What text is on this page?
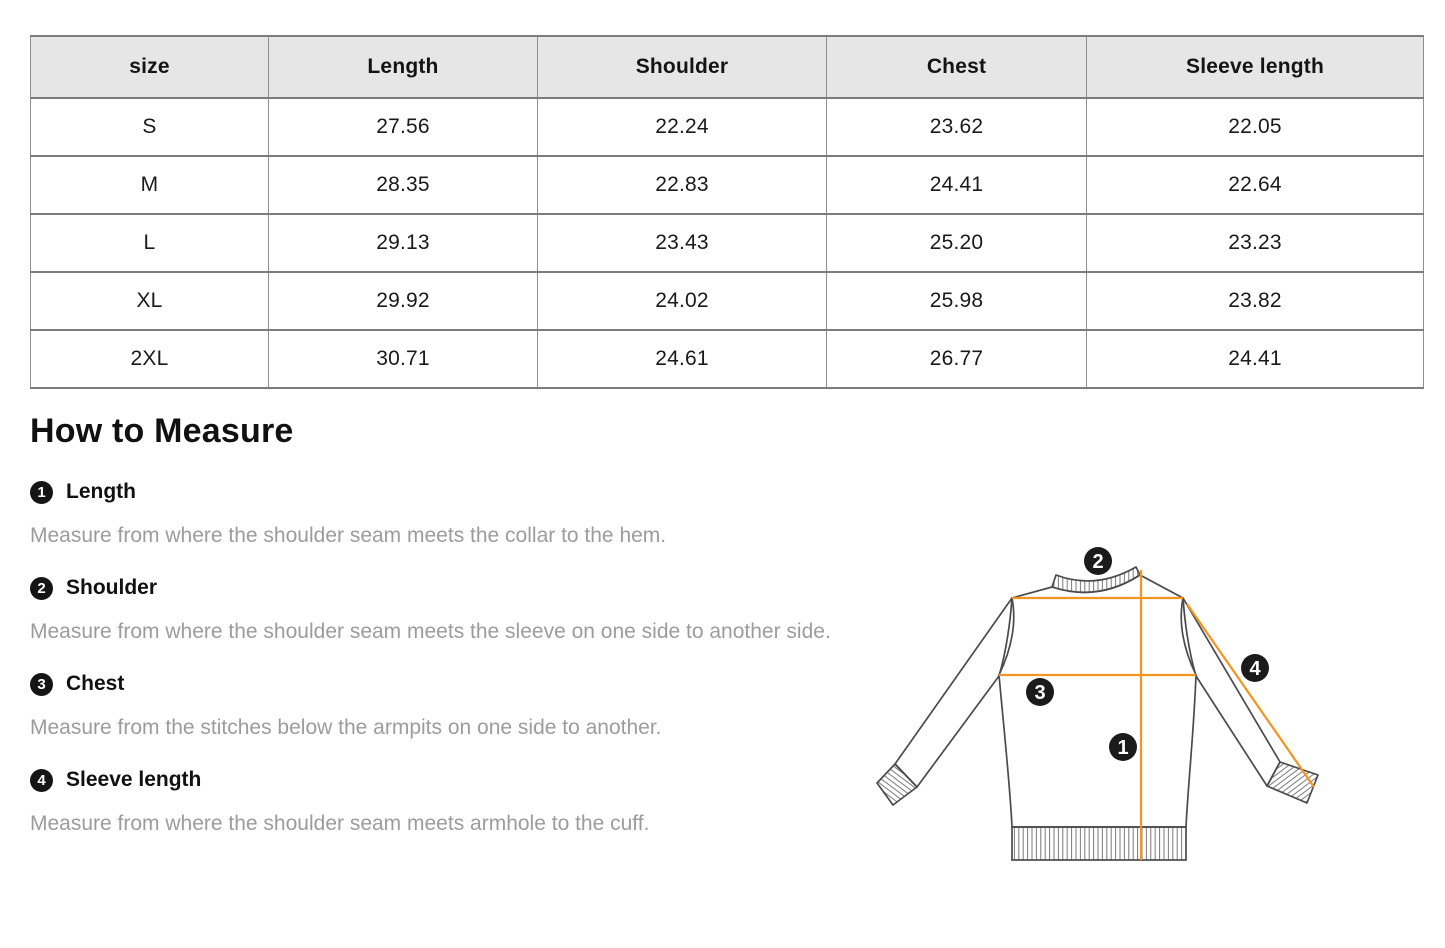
size	Length	Shoulder	Chest	Sleeve length
S	27.56	22.24	23.62	22.05
M	28.35	22.83	24.41	22.64
L	29.13	23.43	25.20	23.23
XL	29.92	24.02	25.98	23.82
2XL	30.71	24.61	26.77	24.41
How to Measure
1 Length
Measure from where the shoulder seam meets the collar to the hem.
2 Shoulder
Measure from where the shoulder seam meets the sleeve on one side to another side.
3 Chest
Measure from the stitches below the armpits on one side to another.
4 Sleeve length
Measure from where the shoulder seam meets armhole to the cuff.
2
3
1
4
